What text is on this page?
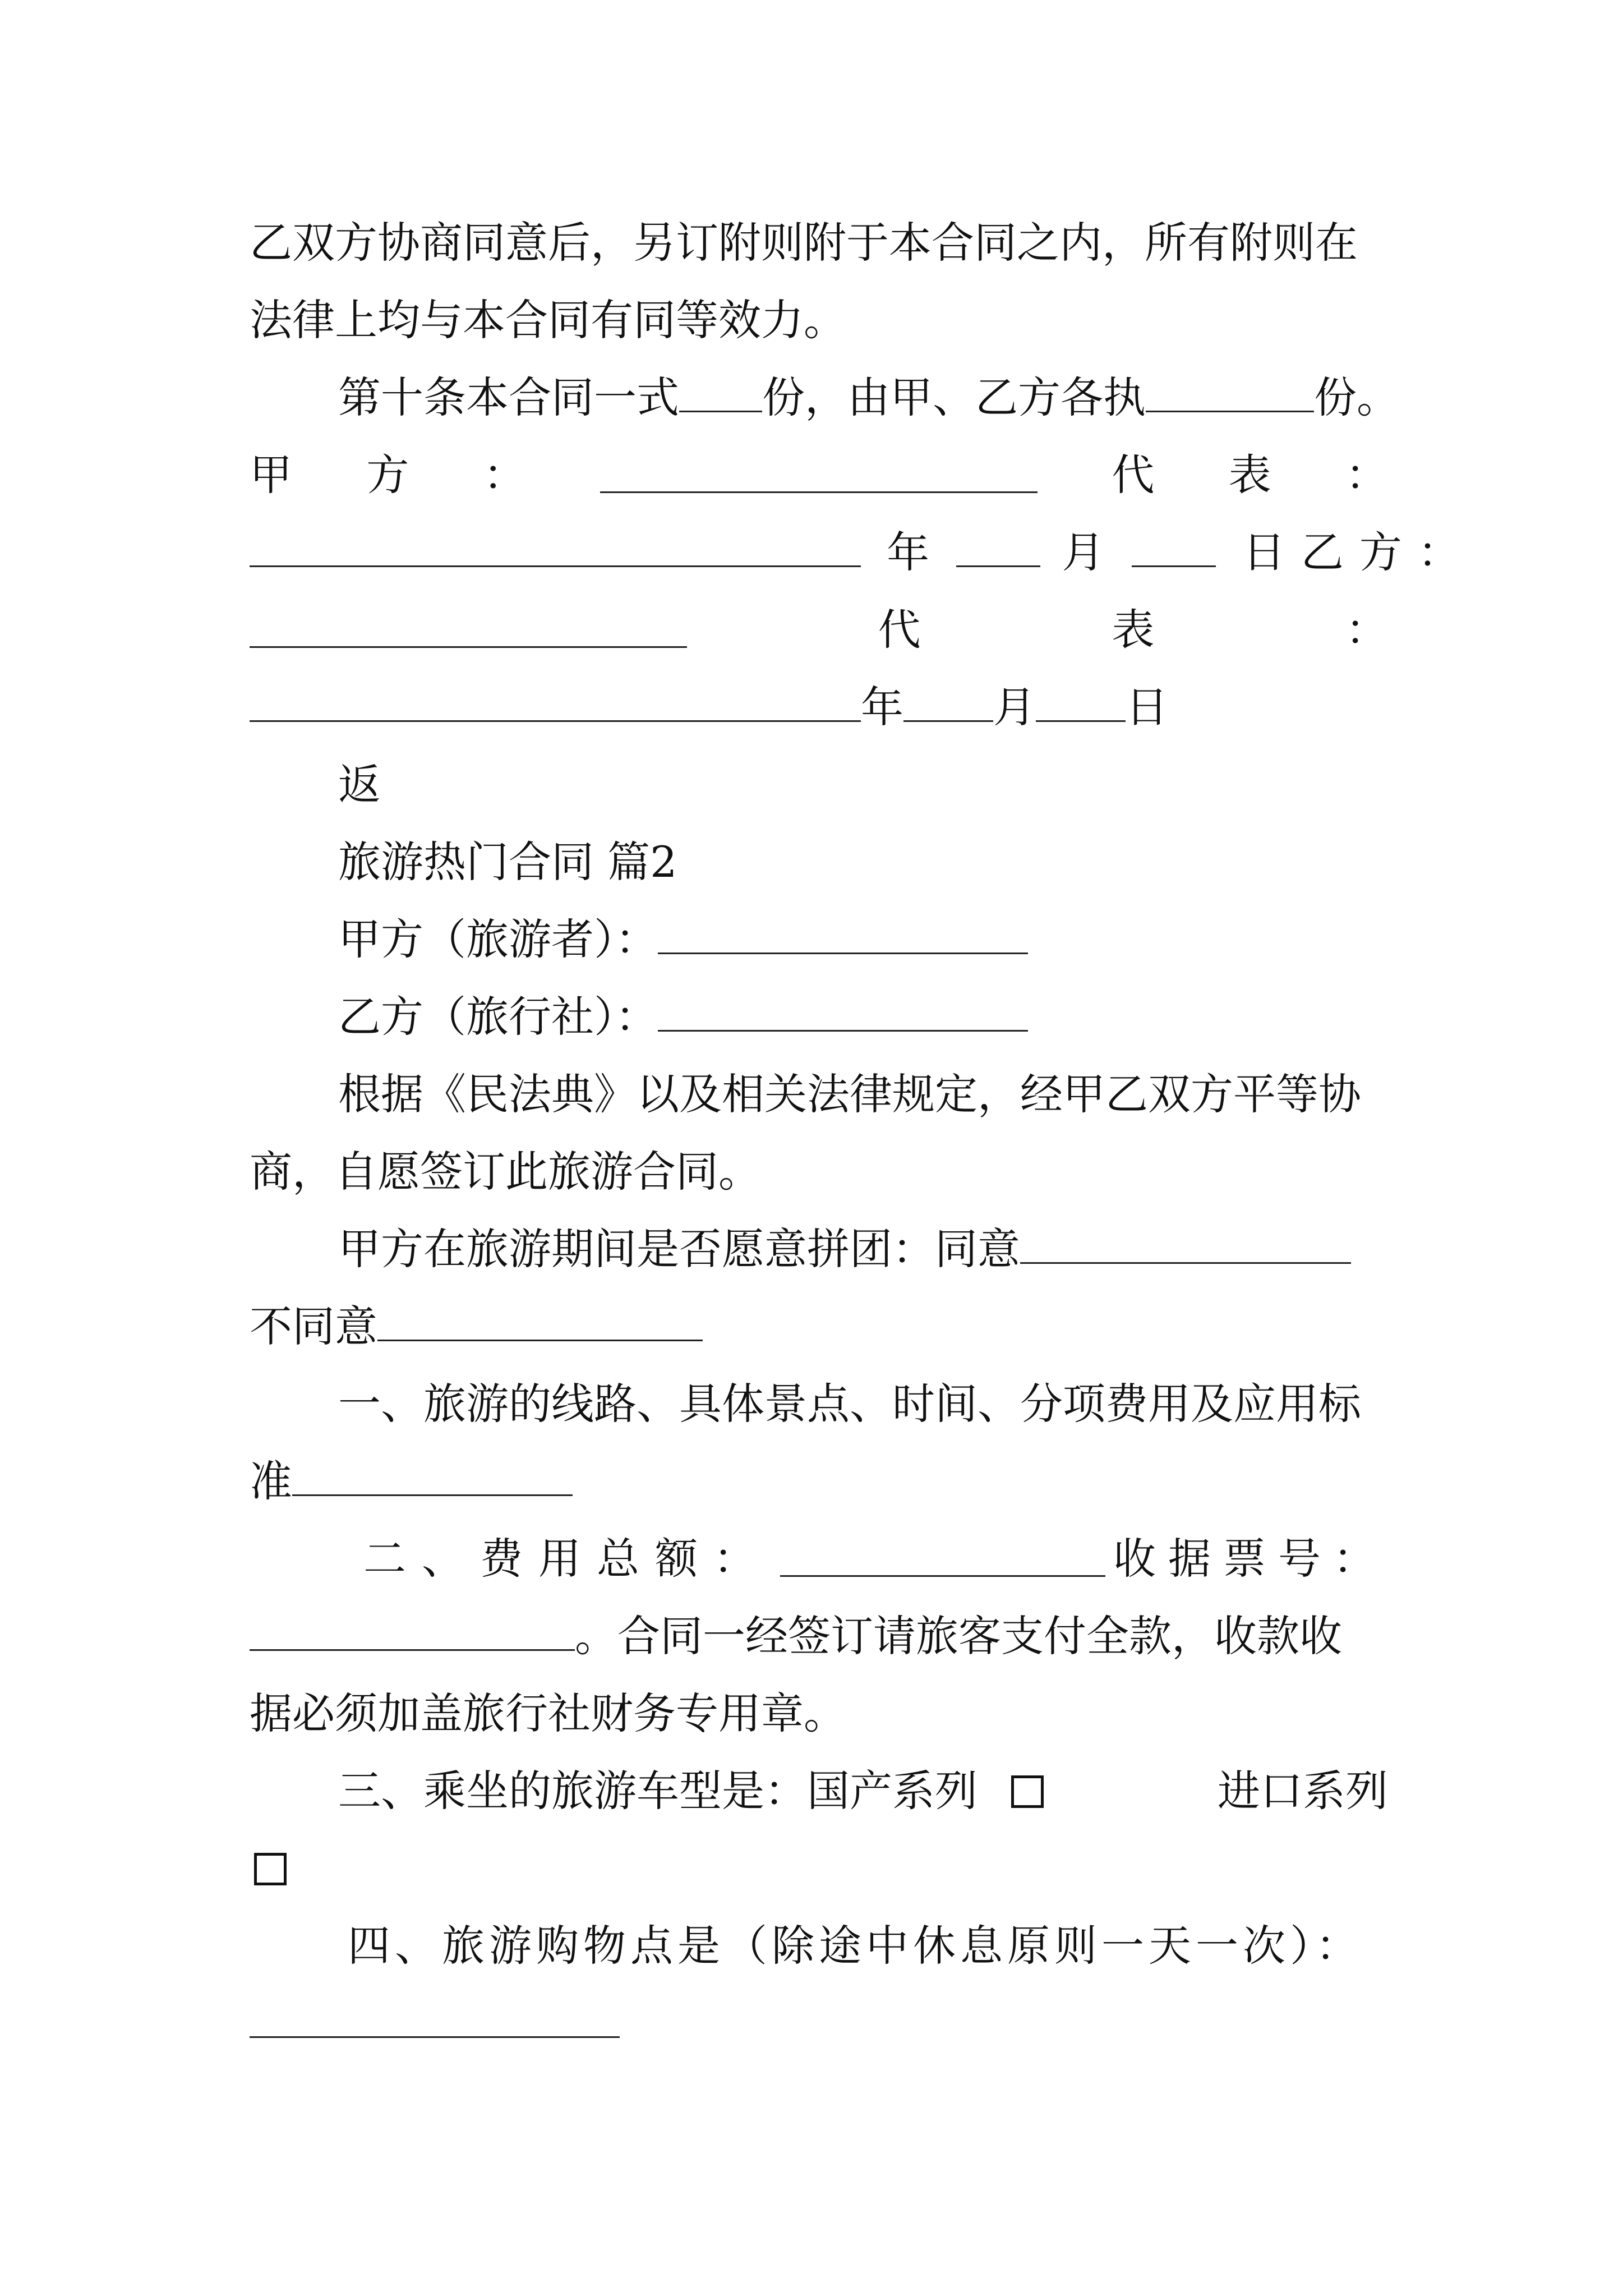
乙双方协商同意后，另订附则附于本合同之内，所有附则在
法律上均与本合同有同等效力。
第十条本合同一式 份，由甲、乙方各执	份。
甲 方 ：	代 表 ：
年	月	日乙方：
代	表	：
年 月 日
返
旅游热门合同 篇2
甲方（旅游者）：
乙方（旅行社）：
根据《民法典》以及相关法律规定，经甲乙双方平等协
商，自愿签订此旅游合同。
甲方在旅游期间是否愿意拼团：同意
不同意
一、旅游的线路、具体景点、时间、分项费用及应用标
准
二、费用总额：	收据票号：
。合同一经签订请旅客支付全款，收款收
据必须加盖旅行社财务专用章。
三、乘坐的旅游车型是：国产系列	进口系列
四、旅游购物点是（除途中休息原则一天一次）：
